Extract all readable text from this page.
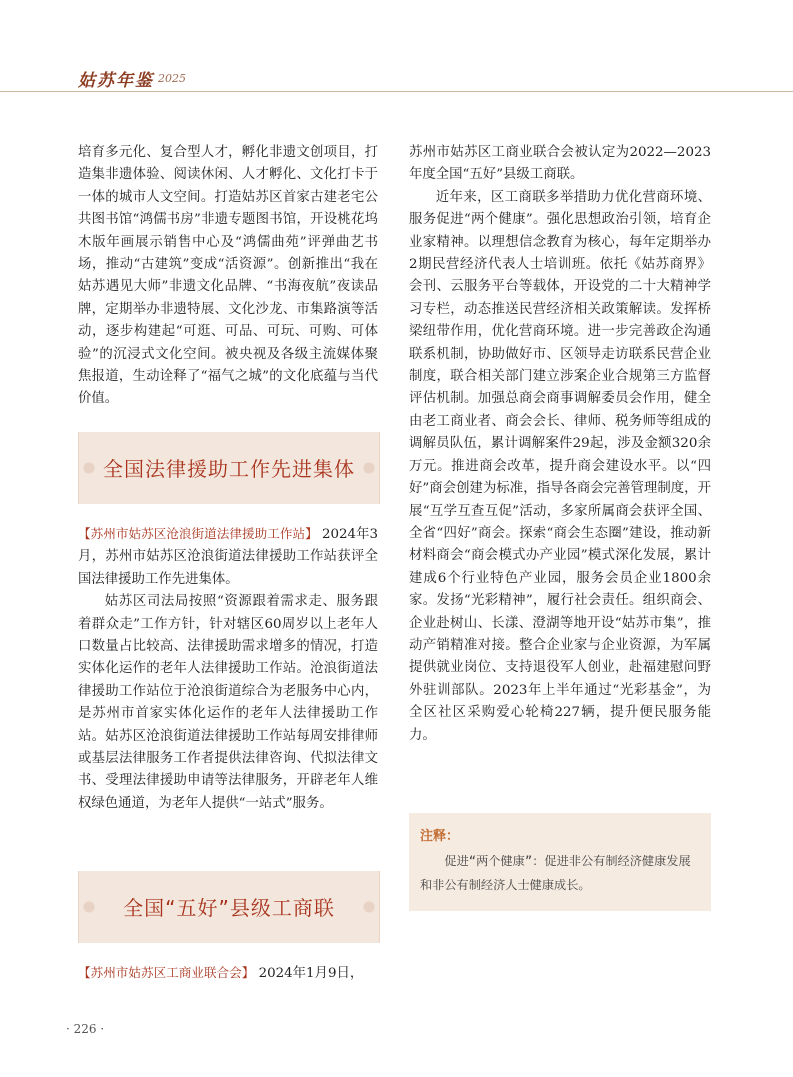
姑苏年鉴 2025

培育多元化、复合型人才，孵化非遗文创项目，打造集非遗体验、阅读休闲、人才孵化、文化打卡于一体的城市人文空间。打造姑苏区首家古建老宅公共图书馆“鸿儒书房”非遗专题图书馆，开设桃花坞木版年画展示销售中心及“鸿儒曲苑”评弹曲艺书场，推动“古建筑”变成“活资源”。创新推出“我在姑苏遇见大师”非遗文化品牌、“书海夜航”夜读品牌，定期举办非遗特展、文化沙龙、市集路演等活动，逐步构建起“可逛、可品、可玩、可购、可体验”的沉浸式文化空间。被央视及各级主流媒体聚焦报道，生动诠释了“福气之城”的文化底蕴与当代价值。

全国法律援助工作先进集体

【苏州市姑苏区沧浪街道法律援助工作站】 2024年3月，苏州市姑苏区沧浪街道法律援助工作站获评全国法律援助工作先进集体。

姑苏区司法局按照“资源跟着需求走、服务跟着群众走”工作方针，针对辖区60周岁以上老年人口数量占比较高、法律援助需求增多的情况，打造实体化运作的老年人法律援助工作站。沧浪街道法律援助工作站位于沧浪街道综合为老服务中心内，是苏州市首家实体化运作的老年人法律援助工作站。姑苏区沧浪街道法律援助工作站每周安排律师或基层法律服务工作者提供法律咨询、代拟法律文书、受理法律援助申请等法律服务，开辟老年人维权绿色通道，为老年人提供“一站式”服务。

全国“五好”县级工商联

【苏州市姑苏区工商业联合会】 2024年1月9日，

苏州市姑苏区工商业联合会被认定为2022—2023年度全国“五好”县级工商联。

近年来，区工商联多举措助力优化营商环境、服务促进“两个健康”。强化思想政治引领，培育企业家精神。以理想信念教育为核心，每年定期举办2期民营经济代表人士培训班。依托《姑苏商界》会刊、云服务平台等载体，开设党的二十大精神学习专栏，动态推送民营经济相关政策解读。发挥桥梁纽带作用，优化营商环境。进一步完善政企沟通联系机制，协助做好市、区领导走访联系民营企业制度，联合相关部门建立涉案企业合规第三方监督评估机制。加强总商会商事调解委员会作用，健全由老工商业者、商会会长、律师、税务师等组成的调解员队伍，累计调解案件29起，涉及金额320余万元。推进商会改革，提升商会建设水平。以“四好”商会创建为标准，指导各商会完善管理制度，开展“互学互查互促”活动，多家所属商会获评全国、全省“四好”商会。探索“商会生态圈”建设，推动新材料商会“商会模式办产业园”模式深化发展，累计建成6个行业特色产业园，服务会员企业1800余家。发扬“光彩精神”，履行社会责任。组织商会、企业赴树山、长漾、澄湖等地开设“姑苏市集”，推动产销精准对接。整合企业家与企业资源，为军属提供就业岗位、支持退役军人创业，赴福建慰问野外驻训部队。2023年上半年通过“光彩基金”，为全区社区采购爱心轮椅227辆，提升便民服务能力。

注释：
促进“两个健康”：促进非公有制经济健康发展和非公有制经济人士健康成长。
· 226 ·
